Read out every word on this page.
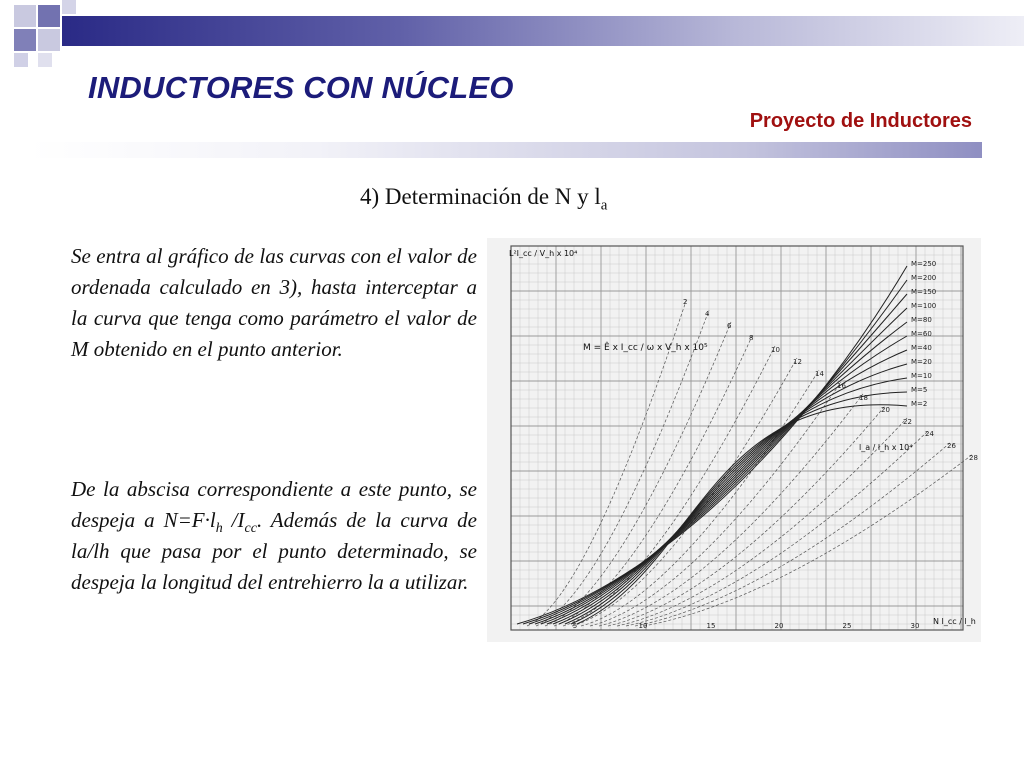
INDUCTORES CON NÚCLEO
Proyecto de Inductores
4) Determinación de N y $l_a$
Se entra al gráfico de las curvas con el valor de ordenada calculado en 3), hasta interceptar a la curva que tenga como parámetro el valor de M obtenido en el punto anterior.
De la abscisa correspondiente a este punto, se despeja a $N=F\cdot l_h$ $/I_{cc}$. Además de la curva de la/lh que pasa por el punto determinado, se despeja la longitud del entrehierro la a utilizar.
2
4
6
8
10
12
14
16
18
20
22
24
26
28
M=250
M=200
M=150
M=100
M=80
M=60
M=40
M=20
M=10
M=5
M=2
5	10	15	20	25	30
L²I_cc / V_h x 10⁴
N I_cc / l_h
M = Ê x I_cc / ω x V_h x 10⁵
l_a / l_h x 10⁴
